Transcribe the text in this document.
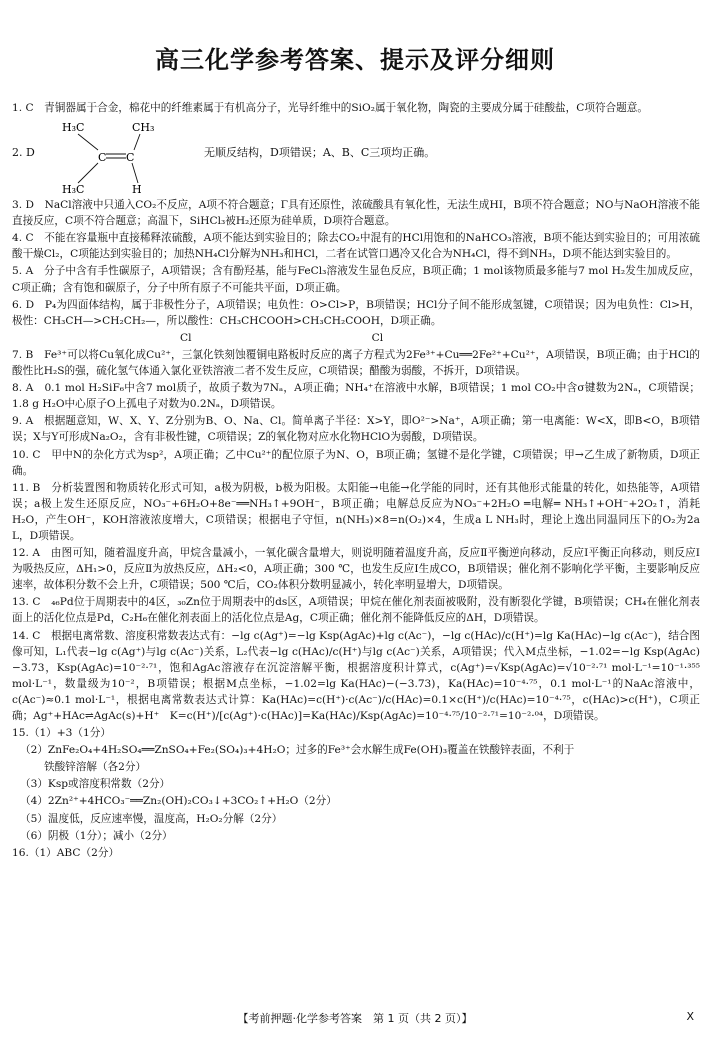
高三化学参考答案、提示及评分细则
1. C　青铜器属于合金，棉花中的纤维素属于有机高分子，光导纤维中的SiO₂属于氧化物，陶瓷的主要成分属于硅酸盐，C项符合题意。
2. D
H₃C	CH₃
C C
H₃C	H
无顺反结构，D项错误；A、B、C三项均正确。
3. D　NaCl溶液中只通入CO₂不反应，A项不符合题意；Γ具有还原性，浓硫酸具有氧化性，无法生成HI，B项不符合题意；NO与NaOH溶液不能直接反应，C项不符合题意；高温下，SiHCl₃被H₂还原为硅单质，D项符合题意。
4. C　不能在容量瓶中直接稀释浓硫酸，A项不能达到实验目的；除去CO₂中混有的HCl用饱和的NaHCO₃溶液，B项不能达到实验目的；可用浓硫酸干燥Cl₂，C项能达到实验目的；加热NH₄Cl分解为NH₃和HCl，二者在试管口遇冷又化合为NH₄Cl，得不到NH₃，D项不能达到实验目的。
5. A　分子中含有手性碳原子，A项错误；含有酚羟基，能与FeCl₃溶液发生显色反应，B项正确；1 mol该物质最多能与7 mol H₂发生加成反应，C项正确；含有饱和碳原子，分子中所有原子不可能共平面，D项正确。
6. D　P₄为四面体结构，属于非极性分子，A项错误；电负性：O>Cl>P，B项错误；HCl分子间不能形成氢键，C项错误；因为电负性：Cl>H，极性：CH₃CH—>CH₂CH₂—，所以酸性：CH₃CHCOOH>CH₃CH₂COOH，D项正确。
Cl　　　　　　　　　　　　　　　　　Cl
7. B　Fe³⁺可以将Cu氧化成Cu²⁺，三氯化铁刻蚀覆铜电路板时反应的离子方程式为2Fe³⁺+Cu══2Fe²⁺+Cu²⁺，A项错误，B项正确；由于HCl的酸性比H₂S的强，硫化氢气体通入氯化亚铁溶液二者不发生反应，C项错误；醋酸为弱酸，不拆开，D项错误。
8. A　0.1 mol H₂SiF₆中含7 mol质子，故质子数为7Nₐ，A项正确；NH₄⁺在溶液中水解，B项错误；1 mol CO₂中含σ键数为2Nₐ，C项错误；1.8 g H₂O中心原子O上孤电子对数为0.2Nₐ，D项错误。
9. A　根据题意知，W、X、Y、Z分别为B、O、Na、Cl。简单离子半径：X>Y，即O²⁻>Na⁺，A项正确；第一电离能：W<X，即B<O，B项错误；X与Y可形成Na₂O₂，含有非极性键，C项错误；Z的氧化物对应水化物HClO为弱酸，D项错误。
10. C　甲中N的杂化方式为sp²，A项正确；乙中Cu²⁺的配位原子为N、O，B项正确；氢键不是化学键，C项错误；甲→乙生成了新物质，D项正确。
11. B　分析装置图和物质转化形式可知，a极为阴极，b极为阳极。太阳能→电能→化学能的同时，还有其他形式能量的转化，如热能等，A项错误；a极上发生还原反应，NO₃⁻+6H₂O+8e⁻══NH₃↑+9OH⁻，B项正确；电解总反应为NO₃⁻+2H₂O ═电解═ NH₃↑+OH⁻+2O₂↑，消耗H₂O，产生OH⁻，KOH溶液浓度增大，C项错误；根据电子守恒，n(NH₃)×8=n(O₂)×4，生成a L NH₃时，理论上逸出同温同压下的O₂为2a L，D项错误。
12. A　由图可知，随着温度升高，甲烷含量减小，一氧化碳含量增大，则说明随着温度升高，反应Ⅱ平衡逆向移动，反应Ⅰ平衡正向移动，则反应Ⅰ为吸热反应，ΔH₁>0，反应Ⅱ为放热反应，ΔH₂<0，A项正确；300 ℃，也发生反应Ⅰ生成CO，B项错误；催化剂不影响化学平衡，主要影响反应速率，故体积分数不会上升，C项错误；500 ℃后，CO₂体积分数明显减小，转化率明显增大，D项错误。
13. C　₄₆Pd位于周期表中的4区，₃₀Zn位于周期表中的ds区，A项错误；甲烷在催化剂表面被吸附，没有断裂化学键，B项错误；CH₄在催化剂表面上的活化位点是Pd，C₂H₆在催化剂表面上的活化位点是Ag，C项正确；催化剂不能降低反应的ΔH，D项错误。
14. C　根据电离常数、溶度积常数表达式有：−lg c(Ag⁺)=−lg Ksp(AgAc)+lg c(Ac⁻)，−lg c(HAc)/c(H⁺)=lg Ka(HAc)−lg c(Ac⁻)，结合图像可知，L₁代表−lg c(Ag⁺)与lg c(Ac⁻)关系，L₂代表−lg c(HAc)/c(H⁺)与lg c(Ac⁻)关系，A项错误；代入M点坐标，−1.02=−lg Ksp(AgAc)−3.73，Ksp(AgAc)=10⁻²·⁷¹，饱和AgAc溶液存在沉淀溶解平衡，根据溶度积计算式，c(Ag⁺)=√Ksp(AgAc)=√10⁻²·⁷¹ mol·L⁻¹=10⁻¹·³⁵⁵ mol·L⁻¹，数量级为10⁻²，B项错误；根据M点坐标，−1.02=lg Ka(HAc)−(−3.73)，Ka(HAc)=10⁻⁴·⁷⁵，0.1 mol·L⁻¹的NaAc溶液中，c(Ac⁻)≈0.1 mol·L⁻¹，根据电离常数表达式计算：Ka(HAc)=c(H⁺)·c(Ac⁻)/c(HAc)=0.1×c(H⁺)/c(HAc)=10⁻⁴·⁷⁵，c(HAc)>c(H⁺)，C项正确；Ag⁺+HAc⇌AgAc(s)+H⁺　K=c(H⁺)/[c(Ag⁺)·c(HAc)]=Ka(HAc)/Ksp(AgAc)=10⁻⁴·⁷⁵/10⁻²·⁷¹=10⁻²·⁰⁴，D项错误。
15.（1）+3（1分）
（2）ZnFe₂O₄+4H₂SO₄══ZnSO₄+Fe₂(SO₄)₃+4H₂O；过多的Fe³⁺会水解生成Fe(OH)₃覆盖在铁酸锌表面，不利于
铁酸锌溶解（各2分）
（3）Ksp或溶度积常数（2分）
（4）2Zn²⁺+4HCO₃⁻══Zn₂(OH)₂CO₃↓+3CO₂↑+H₂O（2分）
（5）温度低，反应速率慢，温度高，H₂O₂分解（2分）
（6）阴极（1分）；减小（2分）
16.（1）ABC（2分）
【考前押题·化学参考答案　第 1 页（共 2 页）】	X
